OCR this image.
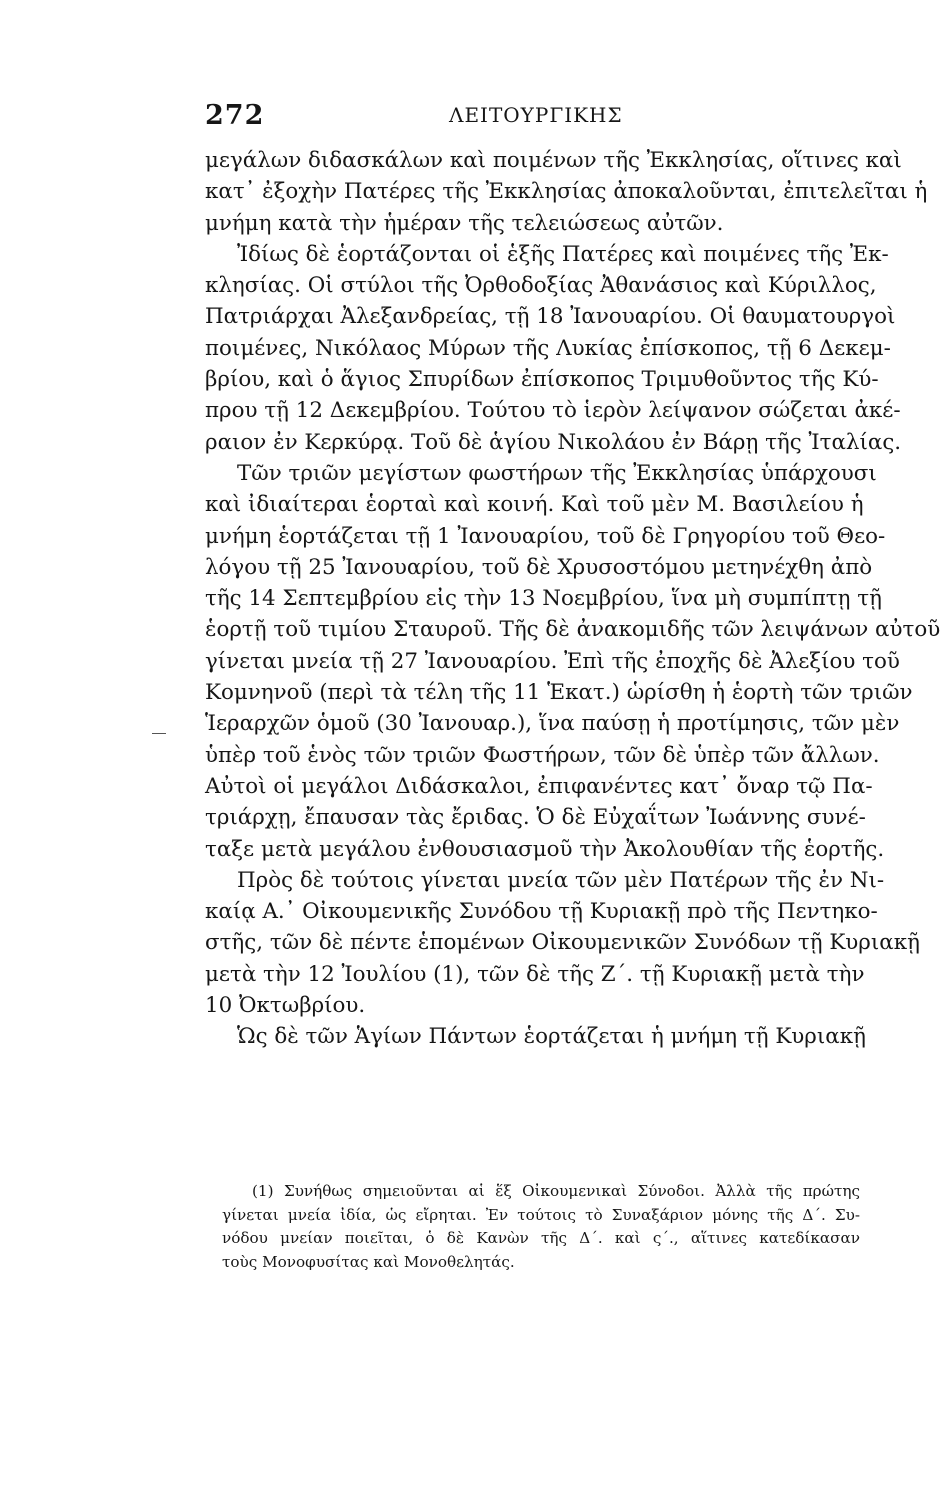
272	ΛΕΙΤΟΥΡΓΙΚΗΣ
μεγάλων διδασκάλων καὶ ποιμένων τῆς Ἐκκλησίας, οἵτινες καὶ
κατ᾽ ἐξοχὴν Πατέρες τῆς Ἐκκλησίας ἀποκαλοῦνται, ἐπιτελεῖται ἡ
μνήμη κατὰ τὴν ἡμέραν τῆς τελειώσεως αὐτῶν.
Ἰδίως δὲ ἑορτάζονται οἱ ἑξῆς Πατέρες καὶ ποιμένες τῆς Ἐκ-
κλησίας. Οἱ στύλοι τῆς Ὀρθοδοξίας Ἀθανάσιος καὶ Κύριλλος,
Πατριάρχαι Ἀλεξανδρείας, τῇ 18 Ἰανουαρίου. Οἱ θαυματουργοὶ
ποιμένες, Νικόλαος Μύρων τῆς Λυκίας ἐπίσκοπος, τῇ 6 Δεκεμ-
βρίου, καὶ ὁ ἅγιος Σπυρίδων ἐπίσκοπος Τριμυθοῦντος τῆς Κύ-
πρου τῇ 12 Δεκεμβρίου. Τούτου τὸ ἱερὸν λείψανον σώζεται ἀκέ-
ραιον ἐν Κερκύρᾳ. Τοῦ δὲ ἁγίου Νικολάου ἐν Βάρῃ τῆς Ἰταλίας.
Τῶν τριῶν μεγίστων φωστήρων τῆς Ἐκκλησίας ὑπάρχουσι
καὶ ἰδιαίτεραι ἑορταὶ καὶ κοινή. Καὶ τοῦ μὲν Μ. Βασιλείου ἡ
μνήμη ἑορτάζεται τῇ 1 Ἰανουαρίου, τοῦ δὲ Γρηγορίου τοῦ Θεο-
λόγου τῇ 25 Ἰανουαρίου, τοῦ δὲ Χρυσοστόμου μετηνέχθη ἀπὸ
τῆς 14 Σεπτεμβρίου εἰς τὴν 13 Νοεμβρίου, ἵνα μὴ συμπίπτῃ τῇ
ἑορτῇ τοῦ τιμίου Σταυροῦ. Τῆς δὲ ἀνακομιδῆς τῶν λειψάνων αὐτοῦ
γίνεται μνεία τῇ 27 Ἰανουαρίου. Ἐπὶ τῆς ἐποχῆς δὲ Ἀλεξίου τοῦ
Κομνηνοῦ (περὶ τὰ τέλη τῆς 11 Ἑκατ.) ὡρίσθη ἡ ἑορτὴ τῶν τριῶν
Ἱεραρχῶν ὁμοῦ (30 Ἰανουαρ.), ἵνα παύσῃ ἡ προτίμησις, τῶν μὲν
ὑπὲρ τοῦ ἑνὸς τῶν τριῶν Φωστήρων, τῶν δὲ ὑπὲρ τῶν ἄλλων.
Αὐτοὶ οἱ μεγάλοι Διδάσκαλοι, ἐπιφανέντες κατ᾽ ὄναρ τῷ Πα-
τριάρχῃ, ἔπαυσαν τὰς ἔριδας. Ὁ δὲ Εὐχαΐτων Ἰωάννης συνέ-
ταξε μετὰ μεγάλου ἐνθουσιασμοῦ τὴν Ἀκολουθίαν τῆς ἑορτῆς.
Πρὸς δὲ τούτοις γίνεται μνεία τῶν μὲν Πατέρων τῆς ἐν Νι-
καίᾳ Α.᾽ Οἰκουμενικῆς Συνόδου τῇ Κυριακῇ πρὸ τῆς Πεντηκο-
στῆς, τῶν δὲ πέντε ἑπομένων Οἰκουμενικῶν Συνόδων τῇ Κυριακῇ
μετὰ τὴν 12 Ἰουλίου (1), τῶν δὲ τῆς Ζ΄. τῇ Κυριακῇ μετὰ τὴν
10 Ὀκτωβρίου.
Ὡς δὲ τῶν Ἁγίων Πάντων ἑορτάζεται ἡ μνήμη τῇ Κυριακῇ
(1) Συνήθως σημειοῦνται αἱ ἕξ Οἰκουμενικαὶ Σύνοδοι. Ἀλλὰ τῆς πρώτης
γίνεται μνεία ἰδία, ὡς εἴρηται. Ἐν τούτοις τὸ Συναξάριον μόνης τῆς Δ΄. Συ-
νόδου μνείαν ποιεῖται, ὁ δὲ Κανὼν τῆς Δ΄. καὶ ς΄., αἵτινες κατεδίκασαν
τοὺς Μονοφυσίτας καὶ Μονοθελητάς.
